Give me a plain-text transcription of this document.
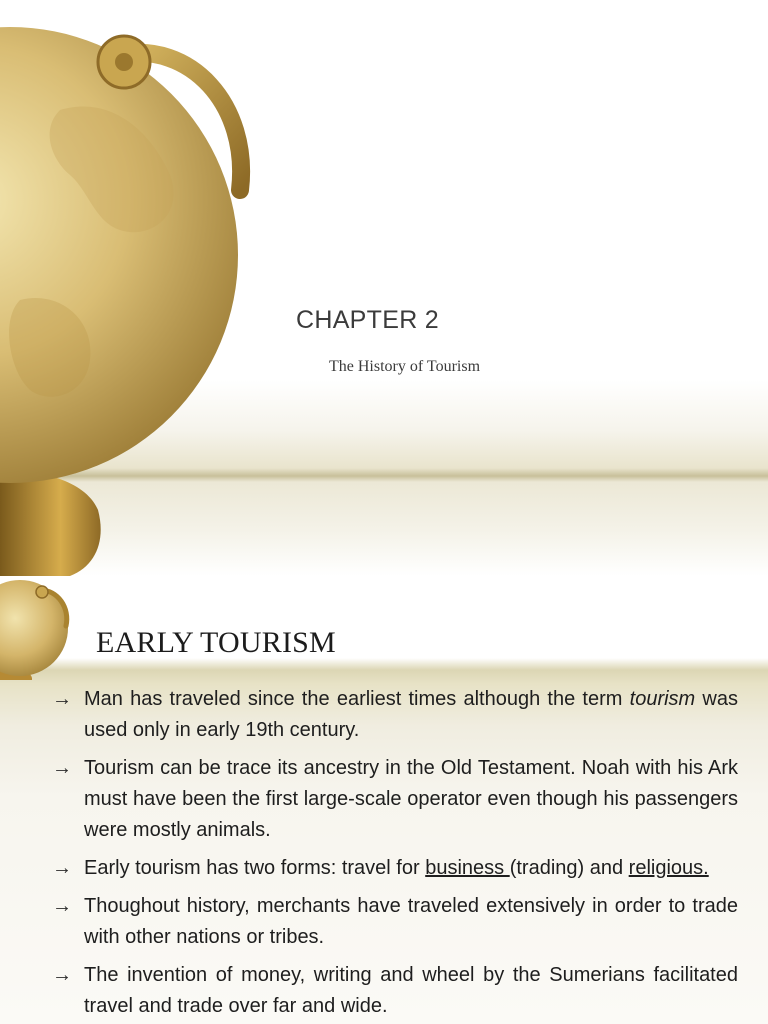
CHAPTER 2
The History of Tourism
EARLY TOURISM
→ Man has traveled since the earliest times although the term tourism was used only in early 19th century.
→ Tourism can be trace its ancestry in the Old Testament. Noah with his Ark must have been the first large-scale operator even though his passengers were mostly animals.
→ Early tourism has two forms: travel for business (trading) and religious.
→ Thoughout history, merchants have traveled extensively in order to trade with other nations or tribes.
→ The invention of money, writing and wheel by the Sumerians facilitated travel and trade over far and wide.
